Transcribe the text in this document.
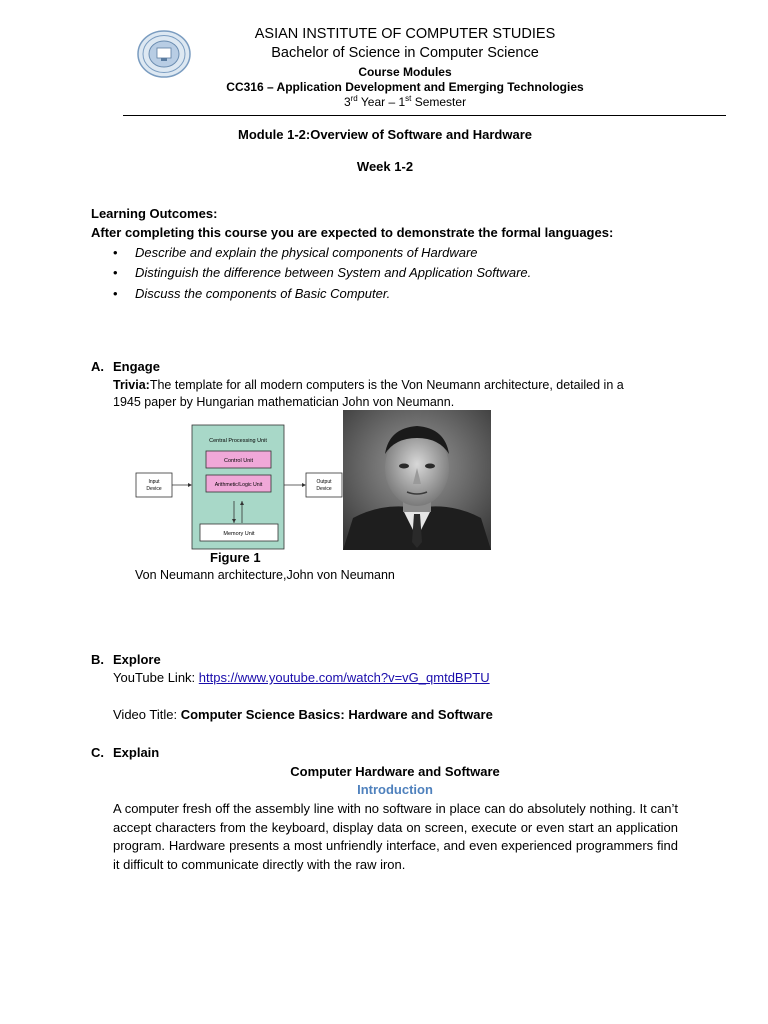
ASIAN INSTITUTE OF COMPUTER STUDIES
Bachelor of Science in Computer Science
Course Modules
CC316 – Application Development and Emerging Technologies
3rd Year – 1st Semester
Module 1-2:Overview of Software and Hardware
Week 1-2
Learning Outcomes:
After completing this course you are expected to demonstrate the formal languages:
• Describe and explain the physical components of Hardware
• Distinguish the difference between System and Application Software.
• Discuss the components of Basic Computer.
A. Engage
Trivia:The template for all modern computers is the Von Neumann architecture, detailed in a 1945 paper by Hungarian mathematician John von Neumann.
Central Processing Unit
Control Unit
Arithmetic/Logic Unit
Memory Unit
Input
Device
Output
Device
Figure 1
Von Neumann architecture,John von Neumann
B. Explore
YouTube Link: https://www.youtube.com/watch?v=vG_qmtdBPTU
Video Title: Computer Science Basics: Hardware and Software
C. Explain
Computer Hardware and Software
Introduction
A computer fresh off the assembly line with no software in place can do absolutely nothing. It can’t accept characters from the keyboard, display data on screen, execute or even start an application program. Hardware presents a most unfriendly interface, and even experienced programmers find it difficult to communicate directly with the raw iron.
